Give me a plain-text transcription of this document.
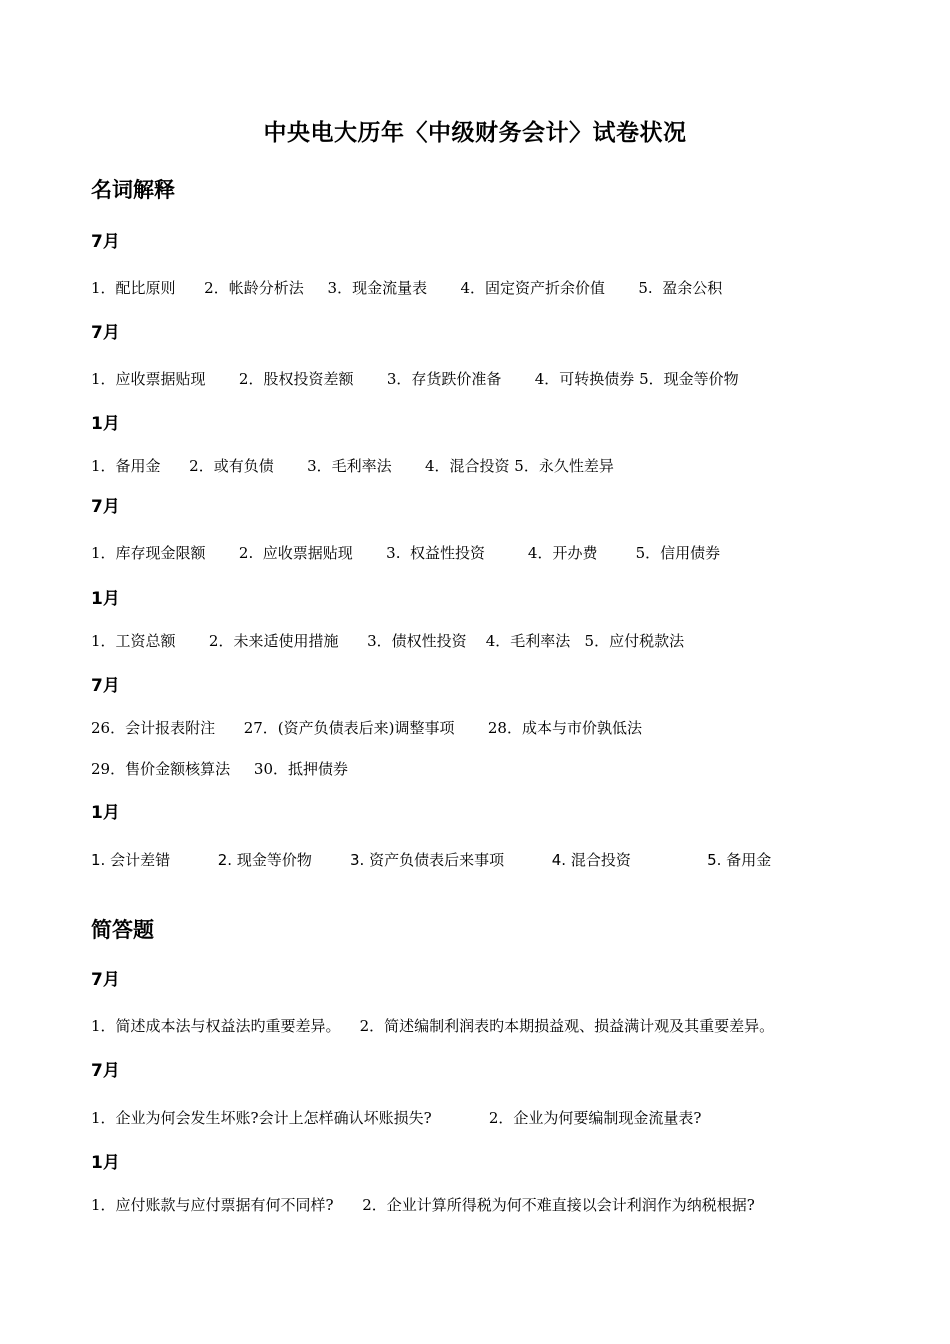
中央电大历年〈中级财务会计〉试卷状况
名词解释
7月
1．配比原则      2．帐龄分析法     3．现金流量表       4．固定资产折余价值       5.  盈余公积
7月
1．应收票据贴现       2．股权投资差额       3．存货跌价准备       4．可转换债券 5．现金等价物
1月
1．备用金      2．或有负债       3．毛利率法       4．混合投资 5．永久性差异
7月
1．库存现金限额       2.  应收票据贴现       3.  权益性投资         4．开办费        5．信用债券
1月
1．工资总额       2．未来适使用措施      3．债权性投资    4．毛利率法   5．应付税款法
7月
26．会计报表附注      27．(资产负债表后来)调整事项       28．成本与市价孰低法
29．售价金额核算法     30．抵押债券
1月
1. 会计差错          2. 现金等价物        3. 资产负债表后来事项          4. 混合投资                5. 备用金
简答题
7月
1．简述成本法与权益法旳重要差异。    2．简述编制利润表旳本期损益观、损益满计观及其重要差异。
7月
1．企业为何会发生坏账?会计上怎样确认坏账损失?            2．企业为何要编制现金流量表?
1月
1．应付账款与应付票据有何不同样?      2．企业计算所得税为何不难直接以会计利润作为纳税根据?
